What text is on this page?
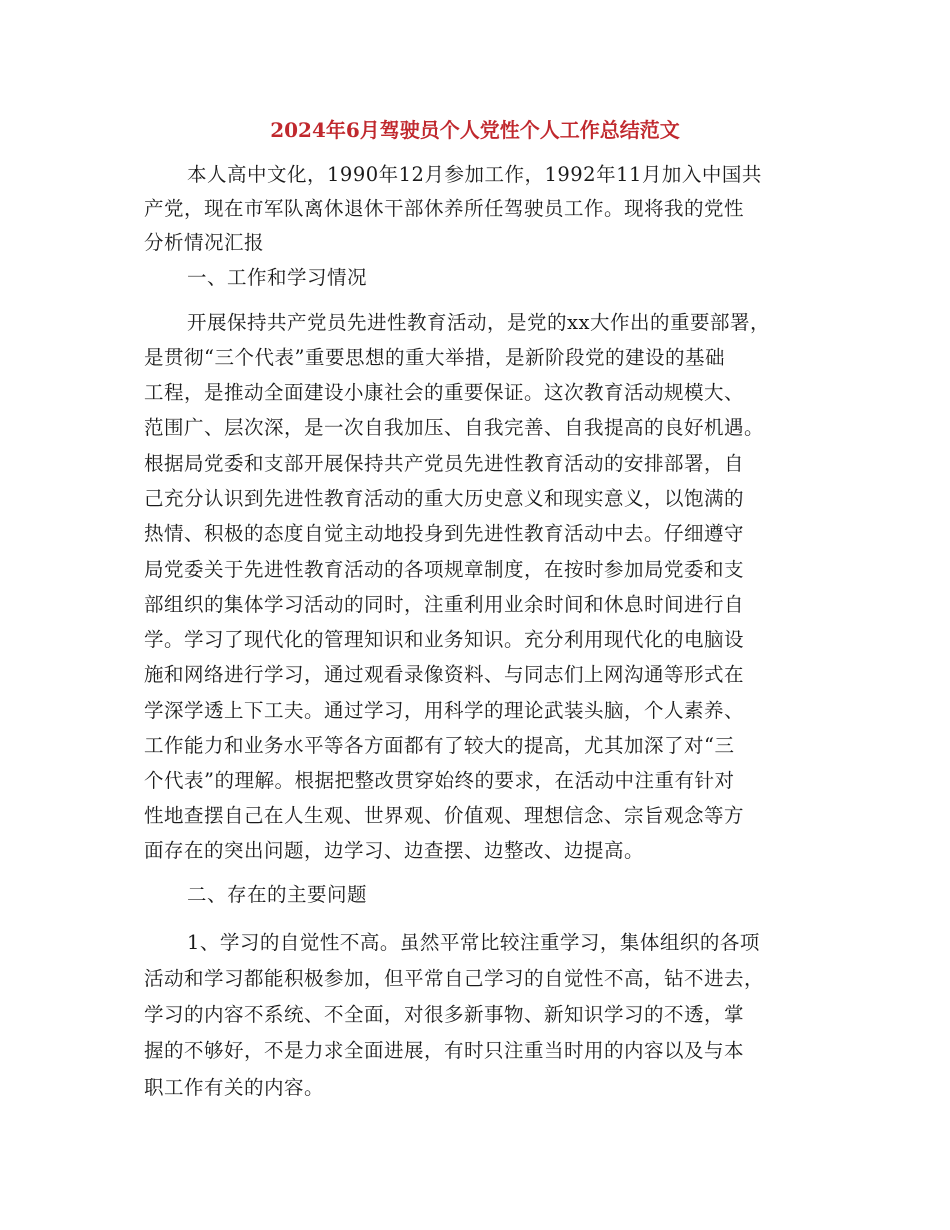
2024年6月驾驶员个人党性个人工作总结范文
本人高中文化，1990年12月参加工作，1992年11月加入中国共
产党，现在市军队离休退休干部休养所任驾驶员工作。现将我的党性
分析情况汇报
一、工作和学习情况
开展保持共产党员先进性教育活动，是党的xx大作出的重要部署，
是贯彻“三个代表”重要思想的重大举措，是新阶段党的建设的基础
工程，是推动全面建设小康社会的重要保证。这次教育活动规模大、
范围广、层次深，是一次自我加压、自我完善、自我提高的良好机遇。
根据局党委和支部开展保持共产党员先进性教育活动的安排部署，自
己充分认识到先进性教育活动的重大历史意义和现实意义，以饱满的
热情、积极的态度自觉主动地投身到先进性教育活动中去。仔细遵守
局党委关于先进性教育活动的各项规章制度，在按时参加局党委和支
部组织的集体学习活动的同时，注重利用业余时间和休息时间进行自
学。学习了现代化的管理知识和业务知识。充分利用现代化的电脑设
施和网络进行学习，通过观看录像资料、与同志们上网沟通等形式在
学深学透上下工夫。通过学习，用科学的理论武装头脑，个人素养、
工作能力和业务水平等各方面都有了较大的提高，尤其加深了对“三
个代表”的理解。根据把整改贯穿始终的要求，在活动中注重有针对
性地查摆自己在人生观、世界观、价值观、理想信念、宗旨观念等方
面存在的突出问题，边学习、边查摆、边整改、边提高。
二、存在的主要问题
1、学习的自觉性不高。虽然平常比较注重学习，集体组织的各项
活动和学习都能积极参加，但平常自己学习的自觉性不高，钻不进去，
学习的内容不系统、不全面，对很多新事物、新知识学习的不透，掌
握的不够好，不是力求全面进展，有时只注重当时用的内容以及与本
职工作有关的内容。
